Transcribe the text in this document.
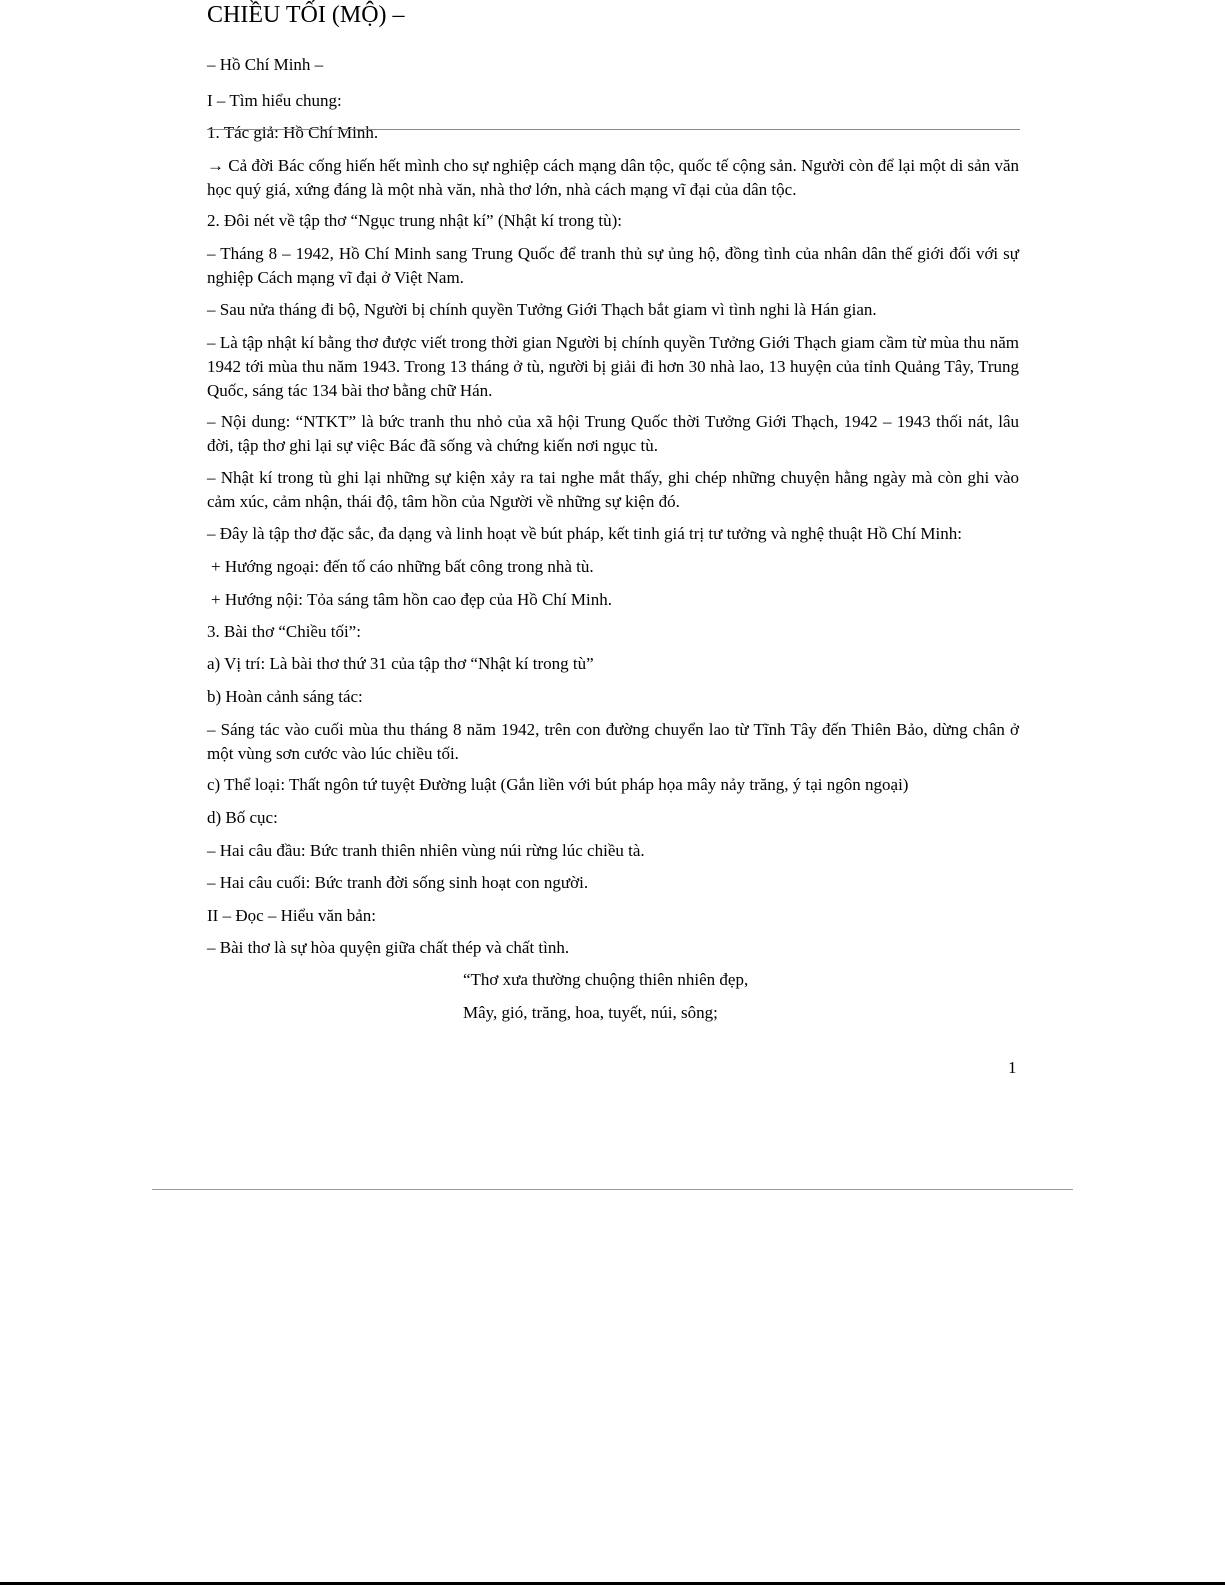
CHIỀU TỐI (MỘ) –
– Hồ Chí Minh –
I – Tìm hiểu chung:
1. Tác giả: Hồ Chí Minh.
→ Cả đời Bác cống hiến hết mình cho sự nghiệp cách mạng dân tộc, quốc tế cộng sản. Người còn để lại một di sản văn học quý giá, xứng đáng là một nhà văn, nhà thơ lớn, nhà cách mạng vĩ đại của dân tộc.
2. Đôi nét về tập thơ “Ngục trung nhật kí” (Nhật kí trong tù):
– Tháng 8 – 1942, Hồ Chí Minh sang Trung Quốc để tranh thủ sự ủng hộ, đồng tình của nhân dân thế giới đối với sự nghiệp Cách mạng vĩ đại ở Việt Nam.
– Sau nửa tháng đi bộ, Người bị chính quyền Tưởng Giới Thạch bắt giam vì tình nghi là Hán gian.
– Là tập nhật kí bằng thơ được viết trong thời gian Người bị chính quyền Tưởng Giới Thạch giam cầm từ mùa thu năm 1942 tới mùa thu năm 1943. Trong 13 tháng ở tù, người bị giải đi hơn 30 nhà lao, 13 huyện của tỉnh Quảng Tây, Trung Quốc, sáng tác 134 bài thơ bằng chữ Hán.
– Nội dung: “NTKT” là bức tranh thu nhỏ của xã hội Trung Quốc thời Tưởng Giới Thạch, 1942 – 1943 thối nát, lâu đời, tập thơ ghi lại sự việc Bác đã sống và chứng kiến nơi ngục tù.
– Nhật kí trong tù ghi lại những sự kiện xảy ra tai nghe mắt thấy, ghi chép những chuyện hằng ngày mà còn ghi vào cảm xúc, cảm nhận, thái độ, tâm hồn của Người về những sự kiện đó.
– Đây là tập thơ đặc sắc, đa dạng và linh hoạt về bút pháp, kết tinh giá trị tư tưởng và nghệ thuật Hồ Chí Minh:
+ Hướng ngoại: đến tố cáo những bất công trong nhà tù.
+ Hướng nội: Tỏa sáng tâm hồn cao đẹp của Hồ Chí Minh.
3. Bài thơ “Chiều tối”:
a) Vị trí: Là bài thơ thứ 31 của tập thơ “Nhật kí trong tù”
b) Hoàn cảnh sáng tác:
– Sáng tác vào cuối mùa thu tháng 8 năm 1942, trên con đường chuyển lao từ Tĩnh Tây đến Thiên Bảo, dừng chân ở một vùng sơn cước vào lúc chiều tối.
c) Thể loại: Thất ngôn tứ tuyệt Đường luật (Gắn liền với bút pháp họa mây nảy trăng, ý tại ngôn ngoại)
d) Bố cục:
– Hai câu đầu: Bức tranh thiên nhiên vùng núi rừng lúc chiều tà.
– Hai câu cuối: Bức tranh đời sống sinh hoạt con người.
II – Đọc – Hiểu văn bản:
– Bài thơ là sự hòa quyện giữa chất thép và chất tình.
“Thơ xưa thường chuộng thiên nhiên đẹp,
Mây, gió, trăng, hoa, tuyết, núi, sông;
1
